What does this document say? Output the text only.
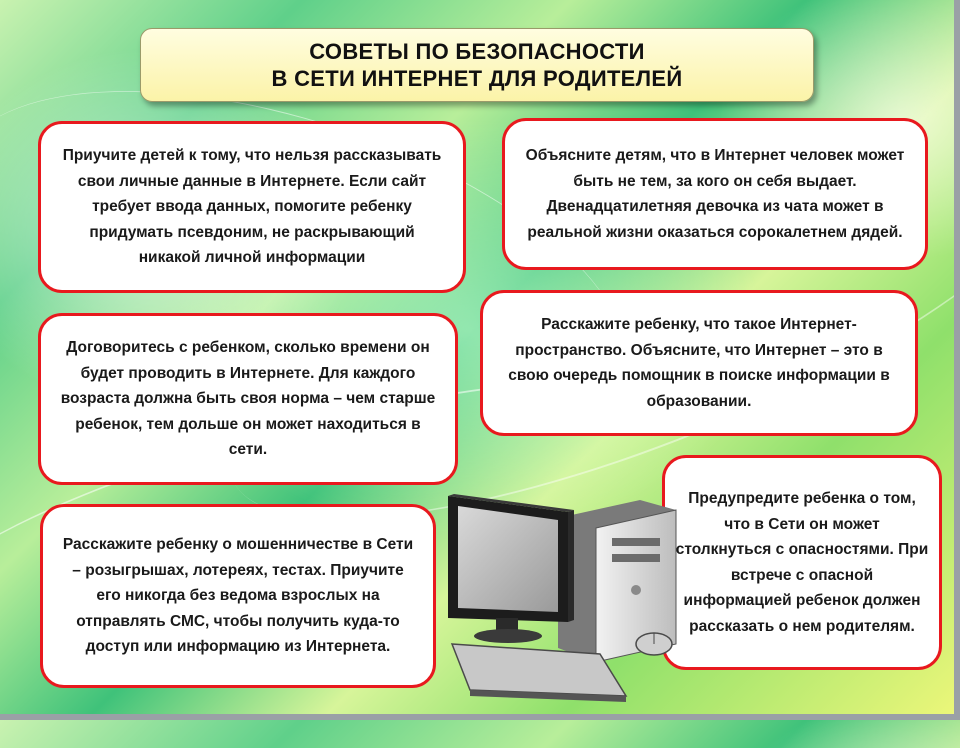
СОВЕТЫ ПО БЕЗОПАСНОСТИ
В СЕТИ ИНТЕРНЕТ ДЛЯ РОДИТЕЛЕЙ
Приучите детей к тому, что нельзя рассказывать свои личные данные в Интернете. Если сайт требует ввода данных, помогите ребенку придумать псевдоним, не раскрывающий никакой личной информации
Объясните детям, что в Интернет человек может быть не тем, за кого он себя выдает. Двенадцатилетняя девочка из чата может в реальной жизни оказаться сорокалетнем дядей.
Договоритесь с ребенком, сколько времени он будет проводить в Интернете. Для каждого возраста должна быть своя норма – чем старше ребенок, тем дольше он может находиться в сети.
Расскажите ребенку, что такое Интернет-пространство. Объясните, что Интернет – это в свою очередь помощник в поиске информации в образовании.
Расскажите ребенку о мошенничестве в Сети – розыгрышах, лотереях, тестах. Приучите его никогда без ведома взрослых на отправлять СМС, чтобы получить куда-то доступ или информацию из Интернета.
Предупредите ребенка о том, что в Сети он может столкнуться с опасностями. При встрече с опасной информацией ребенок должен рассказать о нем родителям.
